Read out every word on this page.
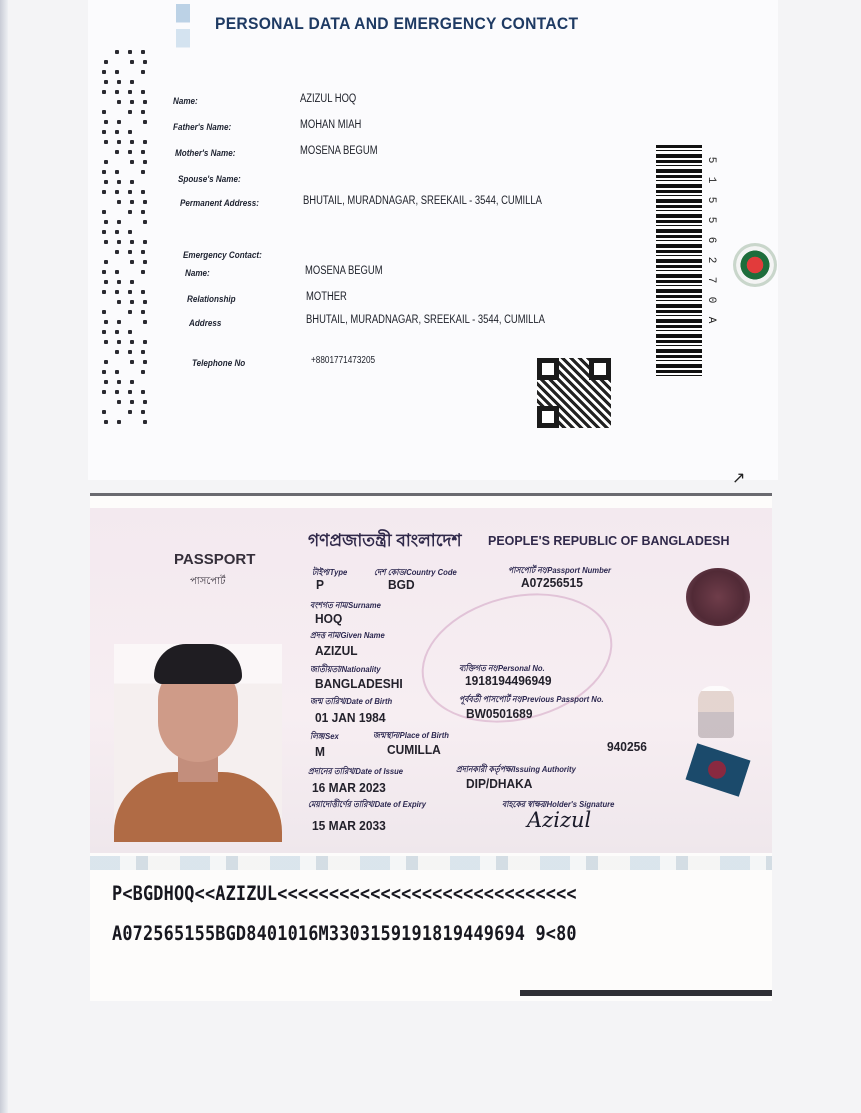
PERSONAL DATA AND EMERGENCY CONTACT
Name:	AZIZUL HOQ
Father's Name:	MOHAN MIAH
Mother's Name:	MOSENA BEGUM
Spouse's Name:
Permanent Address:	BHUTAIL, MURADNAGAR, SREEKAIL - 3544, CUMILLA
Emergency Contact:
Name:	MOSENA BEGUM
Relationship	MOTHER
Address	BHUTAIL, MURADNAGAR, SREEKAIL - 3544, CUMILLA
Telephone No	+8801771473205
5
1
5
5
6
2
7
0
A
↗
PASSPORT
পাসপোর্ট
গণপ্রজাতন্ত্রী বাংলাদেশ PEOPLE'S REPUBLIC OF BANGLADESH
টাইপ/Type
P
দেশ কোড/Country Code
BGD
পাসপোর্ট নং/Passport Number
A07256515
বংশগত নাম/Surname
HOQ
প্রদত্ত নাম/Given Name
AZIZUL
জাতীয়তা/Nationality
BANGLADESHI
ব্যক্তিগত নং/Personal No.
1918194496949
জন্ম তারিখ/Date of Birth
01 JAN 1984
পূর্ববর্তী পাসপোর্ট নং/Previous Passport No.
BW0501689
লিঙ্গ/Sex
M
জন্মস্থান/Place of Birth
CUMILLA	940256
প্রদানের তারিখ/Date of Issue
16 MAR 2023
প্রদানকারী কর্তৃপক্ষ/Issuing Authority
DIP/DHAKA
মেয়াদোত্তীর্ণের তারিখ/Date of Expiry
15 MAR 2033
বাহকের স্বাক্ষর/Holder's Signature
Azizul
P<BGDHOQ<<AZIZUL<<<<<<<<<<<<<<<<<<<<<<<<<<<<<
A072565155BGD8401016M3303159191819449694 9<80
